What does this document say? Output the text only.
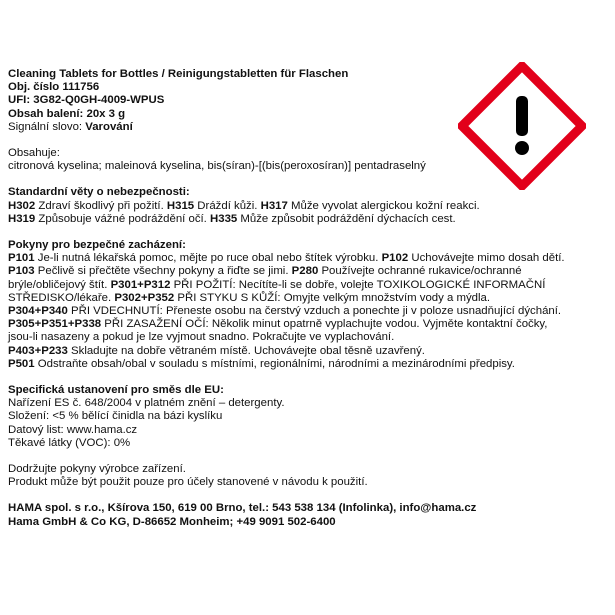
Cleaning Tablets for Bottles / Reinigungstabletten für Flaschen
Obj. číslo 111756
UFI: 3G82-Q0GH-4009-WPUS
Obsah balení: 20x 3 g
Signální slovo: Varování
Obsahuje:
citronová kyselina; maleinová kyselina, bis(síran)-[(bis(peroxosíran)] pentadraselný
Standardní věty o nebezpečnosti:
H302 Zdraví škodlivý při požití. H315 Dráždí kůži. H317 Může vyvolat alergickou kožní reakci.
H319 Způsobuje vážné podráždění očí. H335 Může způsobit podráždění dýchacích cest.
Pokyny pro bezpečné zacházení:
P101 Je-li nutná lékařská pomoc, mějte po ruce obal nebo štítek výrobku. P102 Uchovávejte mimo dosah dětí.
P103 Pečlivě si přečtěte všechny pokyny a řiďte se jimi. P280 Používejte ochranné rukavice/ochranné
brýle/obličejový štít. P301+P312 PŘI POŽITÍ: Necítíte-li se dobře, volejte TOXIKOLOGICKÉ INFORMAČNÍ
STŘEDISKO/lékaře. P302+P352 PŘI STYKU S KŮŽÍ: Omyjte velkým množstvím vody a mýdla.
P304+P340 PŘI VDECHNUTÍ: Přeneste osobu na čerstvý vzduch a ponechte ji v poloze usnadňující dýchání.
P305+P351+P338 PŘI ZASAŽENÍ OČÍ: Několik minut opatrně vyplachujte vodou. Vyjměte kontaktní čočky,
jsou-li nasazeny a pokud je lze vyjmout snadno. Pokračujte ve vyplachování.
P403+P233 Skladujte na dobře větraném místě. Uchovávejte obal těsně uzavřený.
P501 Odstraňte obsah/obal v souladu s místními, regionálními, národními a mezinárodními předpisy.
Specifická ustanovení pro směs dle EU:
Nařízení ES č. 648/2004 v platném znění – detergenty.
Složení: <5 % bělící činidla na bázi kyslíku
Datový list: www.hama.cz
Těkavé látky (VOC): 0%
Dodržujte pokyny výrobce zařízení.
Produkt může být použit pouze pro účely stanovené v návodu k použití.
HAMA spol. s r.o., Kšírova 150, 619 00 Brno, tel.: 543 538 134 (Infolinka), info@hama.cz
Hama GmbH & Co KG, D-86652 Monheim; +49 9091 502-6400
